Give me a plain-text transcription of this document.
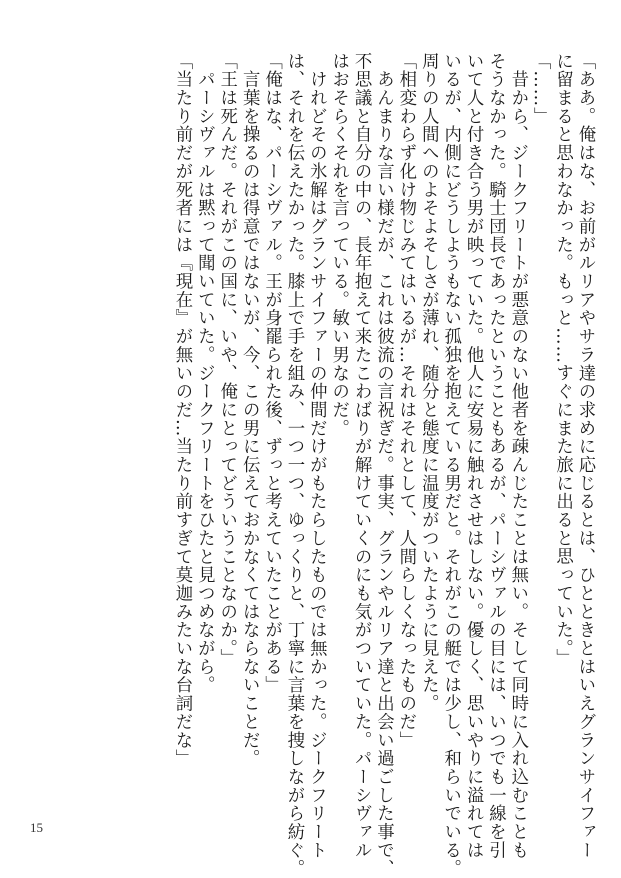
「ああ。俺はな、お前がルリアやサラ達の求めに応じるとは、ひとときとはいえグランサイファー

に留まると思わなかった。もっと……すぐにまた旅に出ると思っていた。」

「……」

　昔から、ジークフリートが悪意のない他者を疎んじたことは無い。そして同時に入れ込むことも

そうなかった。騎士団長であったということもあるが、パーシヴァルの目には、いつでも一線を引

いて人と付き合う男が映っていた。他人に安易に触れさせはしない。優しく、思いやりに溢れては

いるが、内側にどうしようもない孤独を抱えている男だと。それがこの艇では少し、和らいでいる。

周りの人間へのよそよそしさが薄れ、随分と態度に温度がついたように見えた。

「相変わらず化け物じみてはいるが…それはそれとして、人間らしくなったものだ」

　あんまりな言い様だが、これは彼流の言祝ぎだ。事実、グランやルリア達と出会い過ごした事で、

不思議と自分の中の、長年抱えて来たこわばりが解けていくのにも気がついていた。パーシヴァル

はおそらくそれを言っている。敏い男なのだ。

　けれどその氷解はグランサイファーの仲間だけがもたらしたものでは無かった。ジークフリート

は、それを伝えたかった。膝上で手を組み、一つ一つ、ゆっくりと、丁寧に言葉を捜しながら紡ぐ。

「俺はな、パーシヴァル。王が身罷られた後、ずっと考えていたことがある」

　言葉を操るのは得意ではないが、今、この男に伝えておかなくてはならないことだ。

「王は死んだ。それがこの国に、いや、俺にとってどういうことなのか。」

　パーシヴァルは黙って聞いていた。ジークフリートをひたと見つめながら。

「当たり前だが死者には『現在』が無いのだ…当たり前すぎて莫迦みたいな台詞だな」

15
